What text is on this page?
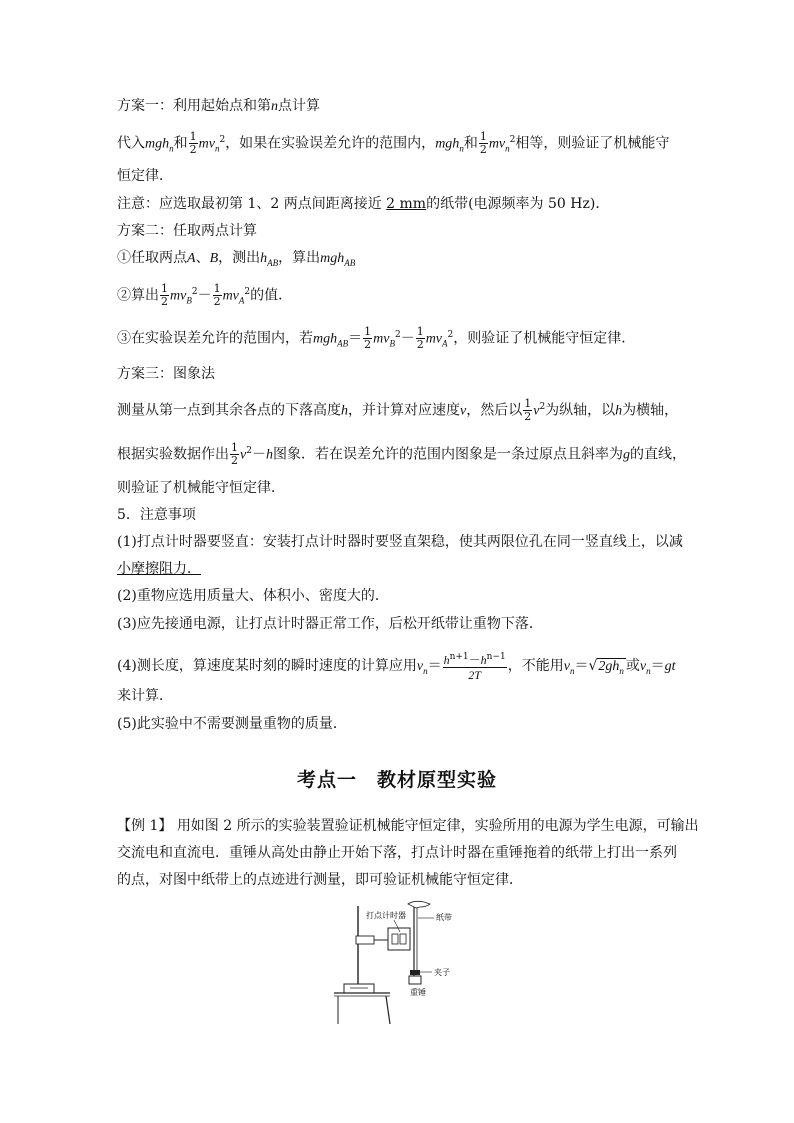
方案一：利用起始点和第n点计算
代入mgh$_n$和 $\frac{1}{2} mv_n^2$，如果在实验误差允许的范围内，mgh$_n$和 $\frac{1}{2} mv_n^2$相等，则验证了机械能守
恒定律．
注意：应选取最初第 1、2 两点间距离接近 2 mm的纸带(电源频率为 50 Hz)．
方案二：任取两点计算
①任取两点A、B，测出$h_{AB}$，算出mgh$_{AB}$
②算出 $\frac{1}{2} mv_B^2- \frac{1}{2} mv_A^2$的值．
③在实验误差允许的范围内，若$mgh_{AB}= \frac{1}{2} mv_B^2- \frac{1}{2} mv_A^2$，则验证了机械能守恒定律．
方案三：图象法
测量从第一点到其余各点的下落高度h，并计算对应速度v，然后以 $\frac{1}{2} v^2$为纵轴，以h为横轴，
根据实验数据作出 $\frac{1}{2} v^2-h$图象．若在误差允许的范围内图象是一条过原点且斜率为g的直线，
则验证了机械能守恒定律．
5．注意事项
(1)打点计时器要竖直：安装打点计时器时要竖直架稳，使其两限位孔在同一竖直线上，以减
小摩擦阻力．
(2)重物应选用质量大、体积小、密度大的．
(3)应先接通电源，让打点计时器正常工作，后松开纸带让重物下落．
(4)测长度，算速度某时刻的瞬时速度的计算应用$v_n= \frac{h^{n+1}-h^{n-1}}{2T}$ ，不能用$v_n=√2gh_n$ 或$v_n=gt$
来计算．
(5)此实验中不需要测量重物的质量．
考点一　教材原型实验
【例 1】 用如图 2 所示的实验装置验证机械能守恒定律，实验所用的电源为学生电源，可输出
交流电和直流电．重锤从高处由静止开始下落，打点计时器在重锤拖着的纸带上打出一系列
的点，对图中纸带上的点迹进行测量，即可验证机械能守恒定律．
打点计时器	纸带
夹子
重锤
